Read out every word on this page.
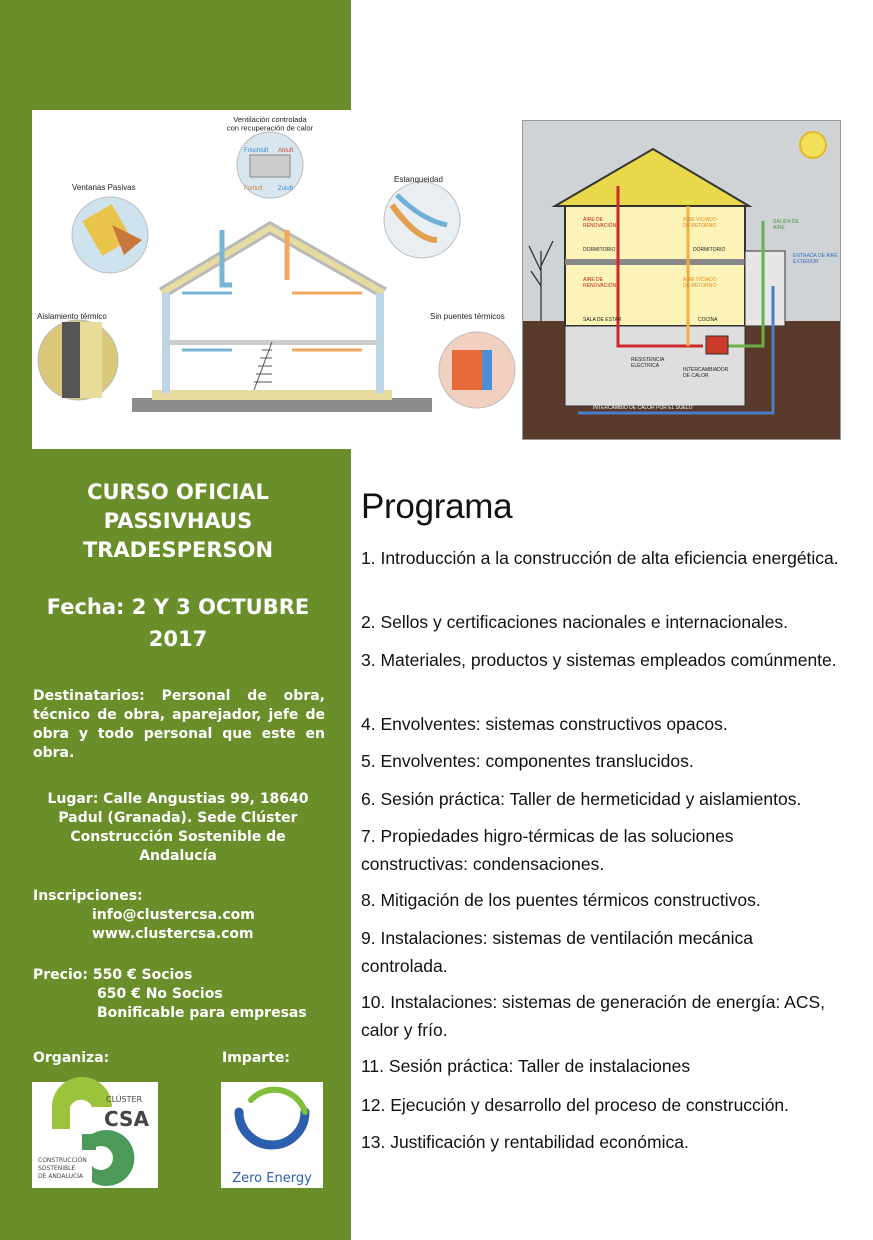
Frischluft Abluft
Fortluft	Zuluft
Ventilación controlada con recuperación de calor
Ventanas Pasivas
Estanqueidad
Aislamiento térmico	Sin puentes térmicos
AIRE DE RENOVACIÓN
AIRE VICIADO DE RETORNO
DORMITORIO	DORMITORIO
AIRE DE RENOVACIÓN
AIRE VICIADO DE RETORNO
SALA DE ESTAR	COCINA
SALIDA DE AIRE
ENTRADA DE AIRE EXTERIOR
RESISTENCIA ELÉCTRICA
INTERCAMBIADOR DE CALOR
INTERCAMBIO DE CALOR POR EL SUELO
CURSO OFICIAL PASSIVHAUS TRADESPERSON
Fecha: 2 Y 3 OCTUBRE 2017
Destinatarios: Personal de obra, técnico de obra, aparejador, jefe de obra y todo personal que este en obra.
Lugar: Calle Angustias 99, 18640 Padul (Granada). Sede Clúster Construcción Sostenible de Andalucía
Inscripciones:
info@clustercsa.com
www.clustercsa.com
Precio: 550 € Socios
650 € No Socios
Bonificable para empresas
Organiza:	Imparte:
CLÚSTER
CSA
CONSTRUCCIÓN
SOSTENIBLE
DE ANDALUCÍA	Zero Energy
Programa
1. Introducción a la construcción de alta eficiencia energética.
2. Sellos y certificaciones nacionales e internacionales.
3. Materiales, productos y sistemas empleados comúnmente.
4. Envolventes: sistemas constructivos opacos.
5. Envolventes: componentes translucidos.
6. Sesión práctica: Taller de hermeticidad y aislamientos.
7. Propiedades higro-térmicas de las soluciones constructivas: condensaciones.
8. Mitigación de los puentes térmicos constructivos.
9. Instalaciones: sistemas de ventilación mecánica controlada.
10. Instalaciones: sistemas de generación de energía: ACS, calor y frío.
11. Sesión práctica: Taller de instalaciones
12. Ejecución y desarrollo del proceso de construcción.
13. Justificación y rentabilidad económica.
